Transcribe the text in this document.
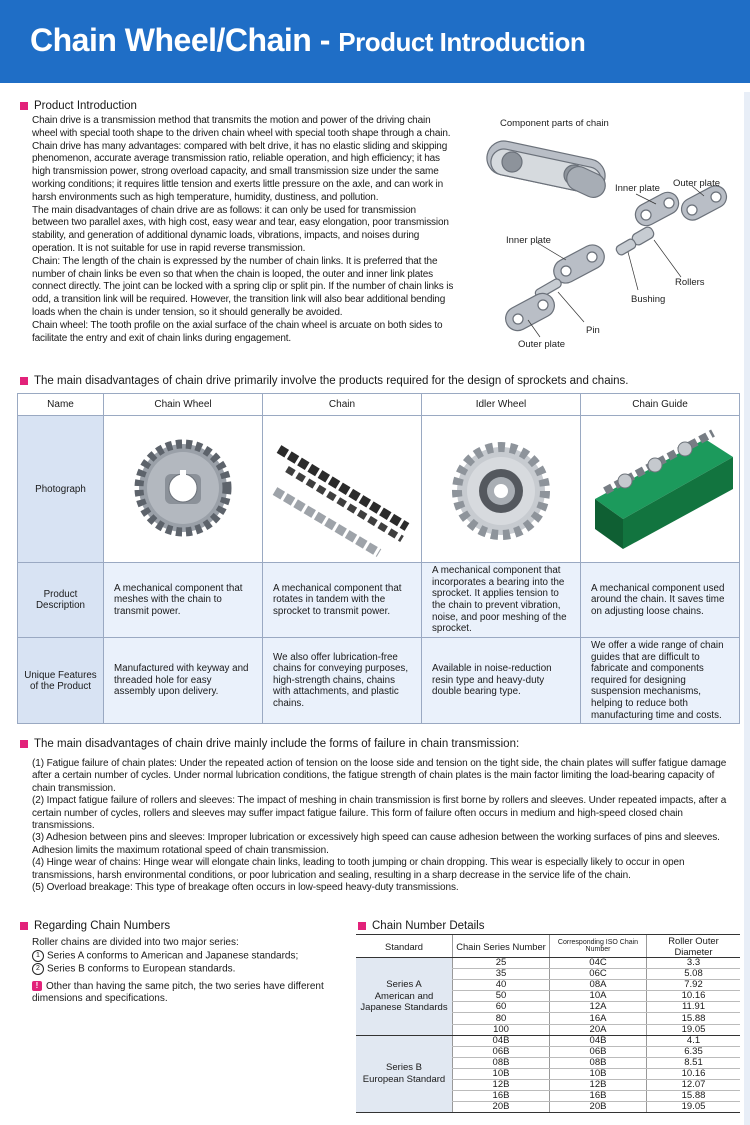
Chain Wheel/Chain - Product Introduction
Product Introduction

Chain drive is a transmission method that transmits the motion and power of the driving chain wheel with special tooth shape to the driven chain wheel with special tooth shape through a chain.

Chain drive has many advantages: compared with belt drive, it has no elastic sliding and skipping phenomenon, accurate average transmission ratio, reliable operation, and high efficiency; it has high transmission power, strong overload capacity, and small transmission size under the same working conditions; it requires little tension and exerts little pressure on the axle, and can work in harsh environments such as high temperature, humidity, dustiness, and pollution.

The main disadvantages of chain drive are as follows: it can only be used for transmission between two parallel axes, with high cost, easy wear and tear, easy elongation, poor transmission stability, and generation of additional dynamic loads, vibrations, impacts, and noises during operation. It is not suitable for use in rapid reverse transmission.

Chain: The length of the chain is expressed by the number of chain links. It is preferred that the number of chain links be even so that when the chain is looped, the outer and inner link plates connect directly. The joint can be locked with a spring clip or split pin. If the number of chain links is odd, a transition link will be required. However, the transition link will also bear additional bending loads when the chain is under tension, so it should generally be avoided.

Chain wheel: The tooth profile on the axial surface of the chain wheel is arcuate on both sides to facilitate the entry and exit of chain links during engagement.

Component parts of chain
Inner plate Outer plate
Inner plate
Rollers
Bushing
Pin
Outer plate
The main disadvantages of chain drive primarily involve the products required for the design of sprockets and chains.
Name	Chain Wheel	Chain	Idler Wheel	Chain Guide
Photograph				
Product Description	A mechanical component that meshes with the chain to transmit power.	A mechanical component that rotates in tandem with the sprocket to transmit power.	A mechanical component that incorporates a bearing into the sprocket. It applies tension to the chain to prevent vibration, noise, and poor meshing of the sprocket.	A mechanical component used around the chain. It saves time on adjusting loose chains.
Unique Features of the Product	Manufactured with keyway and threaded hole for easy assembly upon delivery.	We also offer lubrication-free chains for conveying purposes, high-strength chains, chains with attachments, and plastic chains.	Available in noise-reduction resin type and heavy-duty double bearing type.	We offer a wide range of chain guides that are difficult to fabricate and components required for designing suspension mechanisms, helping to reduce both manufacturing time and costs.
The main disadvantages of chain drive mainly include the forms of failure in chain transmission:

(1) Fatigue failure of chain plates: Under the repeated action of tension on the loose side and tension on the tight side, the chain plates will suffer fatigue damage after a certain number of cycles. Under normal lubrication conditions, the fatigue strength of chain plates is the main factor limiting the load-bearing capacity of chain transmission.

(2) Impact fatigue failure of rollers and sleeves: The impact of meshing in chain transmission is first borne by rollers and sleeves. Under repeated impacts, after a certain number of cycles, rollers and sleeves may suffer impact fatigue failure. This form of failure often occurs in medium and high-speed closed chain transmissions.

(3) Adhesion between pins and sleeves: Improper lubrication or excessively high speed can cause adhesion between the working surfaces of pins and sleeves. Adhesion limits the maximum rotational speed of chain transmission.

(4) Hinge wear of chains: Hinge wear will elongate chain links, leading to tooth jumping or chain dropping. This wear is especially likely to occur in open transmissions, harsh environmental conditions, or poor lubrication and sealing, resulting in a sharp decrease in the service life of the chain.

(5) Overload breakage: This type of breakage often occurs in low-speed heavy-duty transmissions.

Regarding Chain Numbers

Roller chains are divided into two major series:

1 Series A conforms to American and Japanese standards;

2 Series B conforms to European standards.

! Other than having the same pitch, the two series have different dimensions and specifications.

Chain Number Details
Standard	Chain Series Number	Corresponding ISO Chain Number	Roller Outer Diameter

Series A
American and
Japanese Standards	25	04C	3.3
	35	06C	5.08
	40	08A	7.92
	50	10A	10.16
	60	12A	11.91
	80	16A	15.88
	100	20A	19.05

Series B
European Standard	04B	04B	4.1
	06B	06B	6.35
	08B	08B	8.51
	10B	10B	10.16
	12B	12B	12.07
	16B	16B	15.88
	20B	20B	19.05
